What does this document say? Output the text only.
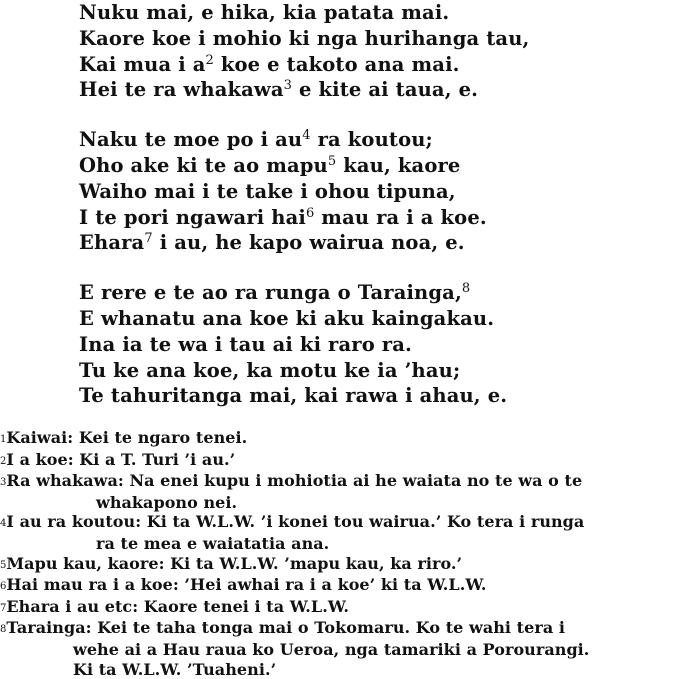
Nuku mai, e hika, kia patata mai.
Kaore koe i mohio ki nga hurihanga tau,
Kai mua i $a^2$ koe e takoto ana mai.
Hei te ra whakawa$^3$ e kite ai taua, e.
Naku te moe po i $au^4$ ra koutou;
Oho ake ki te ao mapu$^5$ kau, kaore
Waiho mai i te take i ohou tipuna,
I te pori ngawari hai$^6$ mau ra i a koe.
Ehara$^7$ i au, he kapo wairua noa, e.
E rere e te ao ra runga o Tarainga,$^8$
E whanatu ana koe ki aku kaingakau.
Ina ia te wa i tau ai ki raro ra.
Tu ke ana koe, ka motu ke ia ’hau;
Te tahuritanga mai, kai rawa i ahau, e.
1Kaiwai: Kei te ngaro tenei.
2I a koe: Ki a T. Turi ’i au.’
3Ra whakawa: Na enei kupu i mohiotia ai he waiata no te wa o te
whakapono nei.
4I au ra koutou: Ki ta W.L.W. ’i konei tou wairua.’ Ko tera i runga
ra te mea e waiatatia ana.
5Mapu kau, kaore: Ki ta W.L.W. ’mapu kau, ka riro.’
6Hai mau ra i a koe: ’Hei awhai ra i a koe’ ki ta W.L.W.
7Ehara i au etc: Kaore tenei i ta W.L.W.
8Tarainga: Kei te taha tonga mai o Tokomaru. Ko te wahi tera i
wehe ai a Hau raua ko Ueroa, nga tamariki a Porourangi.
Ki ta W.L.W. ’Tuaheni.’
